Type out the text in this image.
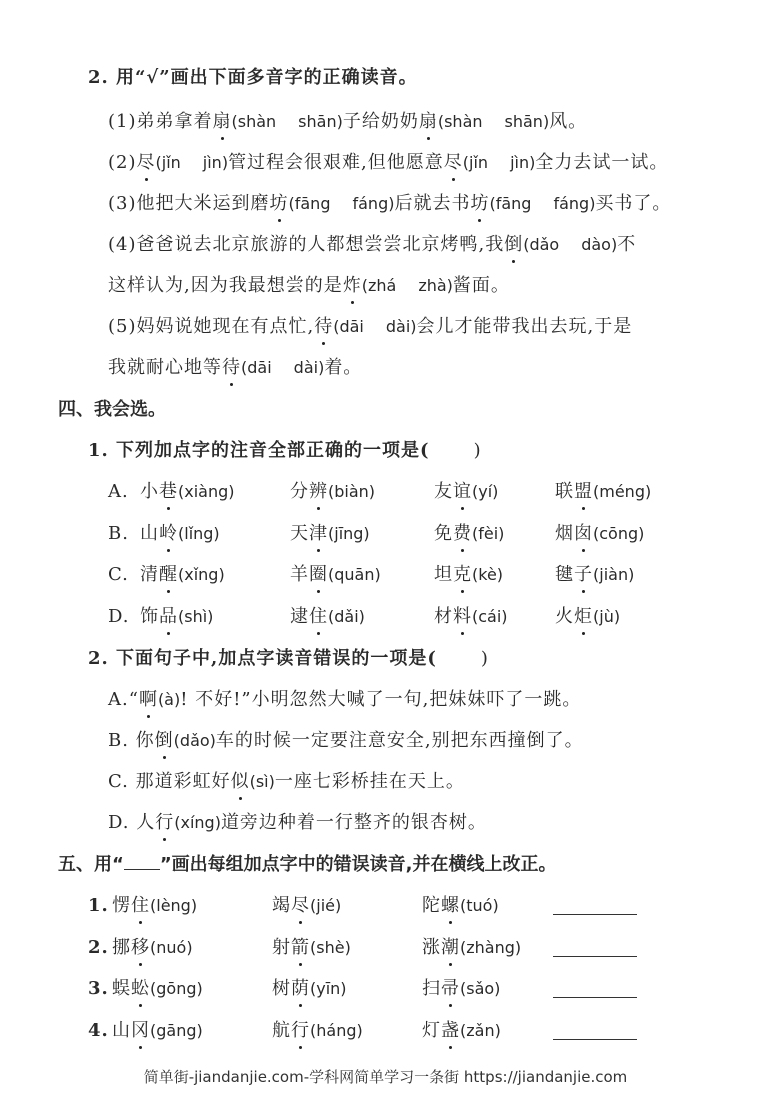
2. 用“√”画出下面多音字的正确读音。
(1)弟弟拿着扇(shàn shān)子给奶奶扇(shàn shān)风。
(2)尽(jǐn jìn)管过程会很艰难,但他愿意尽(jǐn jìn)全力去试一试。
(3)他把大米运到磨坊(fāng fáng)后就去书坊(fāng fáng)买书了。
(4)爸爸说去北京旅游的人都想尝尝北京烤鸭,我倒(dǎo dào)不
这样认为,因为我最想尝的是炸(zhá zhà)酱面。
(5)妈妈说她现在有点忙,待(dāi dài)会儿才能带我出去玩,于是
我就耐心地等待(dāi dài)着。
四、我会选。
1. 下列加点字的注音全部正确的一项是( )
A. 小巷(xiàng)	分辨(biàn)	友谊(yí)	联盟(méng)
B. 山岭(lǐng)	天津(jīng)	免费(fèi)	烟囱(cōng)
C. 清醒(xǐng)	羊圈(quān)	坦克(kè)	毽子(jiàn)
D. 饰品(shì)	逮住(dǎi)	材料(cái)	火炬(jù)
2. 下面句子中,加点字读音错误的一项是( )
A.“啊(à)! 不好!”小明忽然大喊了一句,把妹妹吓了一跳。
B. 你倒(dǎo)车的时候一定要注意安全,别把东西撞倒了。
C. 那道彩虹好似(sì)一座七彩桥挂在天上。
D. 人行(xíng)道旁边种着一行整齐的银杏树。
五、用“ ”画出每组加点字中的错误读音,并在横线上改正。
1. 愣住(lèng)	竭尽(jié)	陀螺(tuó)
2. 挪移(nuó)	射箭(shè)	涨潮(zhàng)
3. 蜈蚣(gōng)	树荫(yīn)	扫帚(sǎo)
4. 山冈(gāng)	航行(háng)	灯盏(zǎn)
简单街-jiandanjie.com-学科网简单学习一条街 https://jiandanjie.com
